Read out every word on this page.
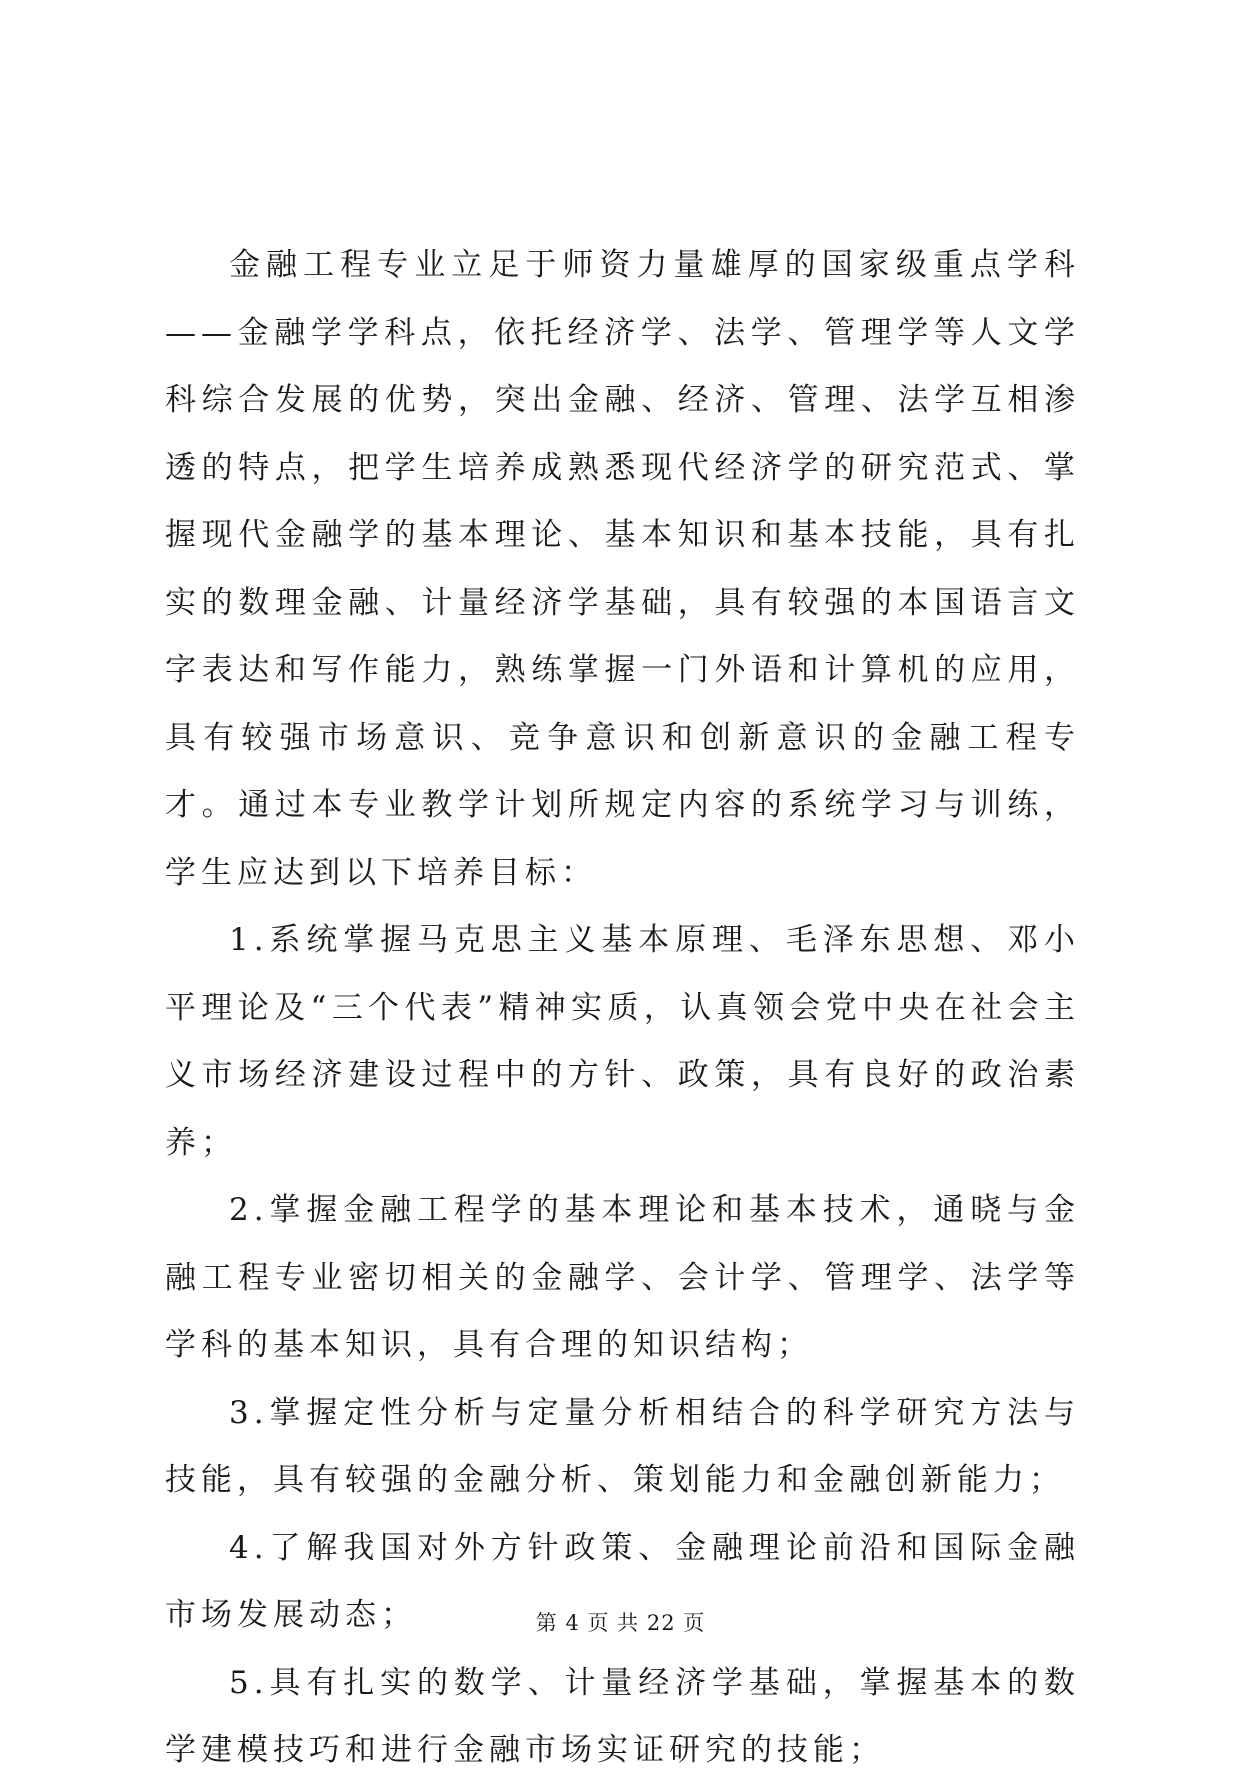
金融工程专业立足于师资力量雄厚的国家级重点学科——金融学学科点，依托经济学、法学、管理学等人文学科综合发展的优势，突出金融、经济、管理、法学互相渗透的特点，把学生培养成熟悉现代经济学的研究范式、掌握现代金融学的基本理论、基本知识和基本技能，具有扎实的数理金融、计量经济学基础，具有较强的本国语言文字表达和写作能力，熟练掌握一门外语和计算机的应用，具有较强市场意识、竞争意识和创新意识的金融工程专才。通过本专业教学计划所规定内容的系统学习与训练，学生应达到以下培养目标：

1.系统掌握马克思主义基本原理、毛泽东思想、邓小平理论及“三个代表”精神实质，认真领会党中央在社会主义市场经济建设过程中的方针、政策，具有良好的政治素养；

2.掌握金融工程学的基本理论和基本技术，通晓与金融工程专业密切相关的金融学、会计学、管理学、法学等学科的基本知识，具有合理的知识结构；

3.掌握定性分析与定量分析相结合的科学研究方法与技能，具有较强的金融分析、策划能力和金融创新能力；

4.了解我国对外方针政策、金融理论前沿和国际金融市场发展动态；

5.具有扎实的数学、计量经济学基础，掌握基本的数学建模技巧和进行金融市场实证研究的技能；

第 4 页 共 22 页
